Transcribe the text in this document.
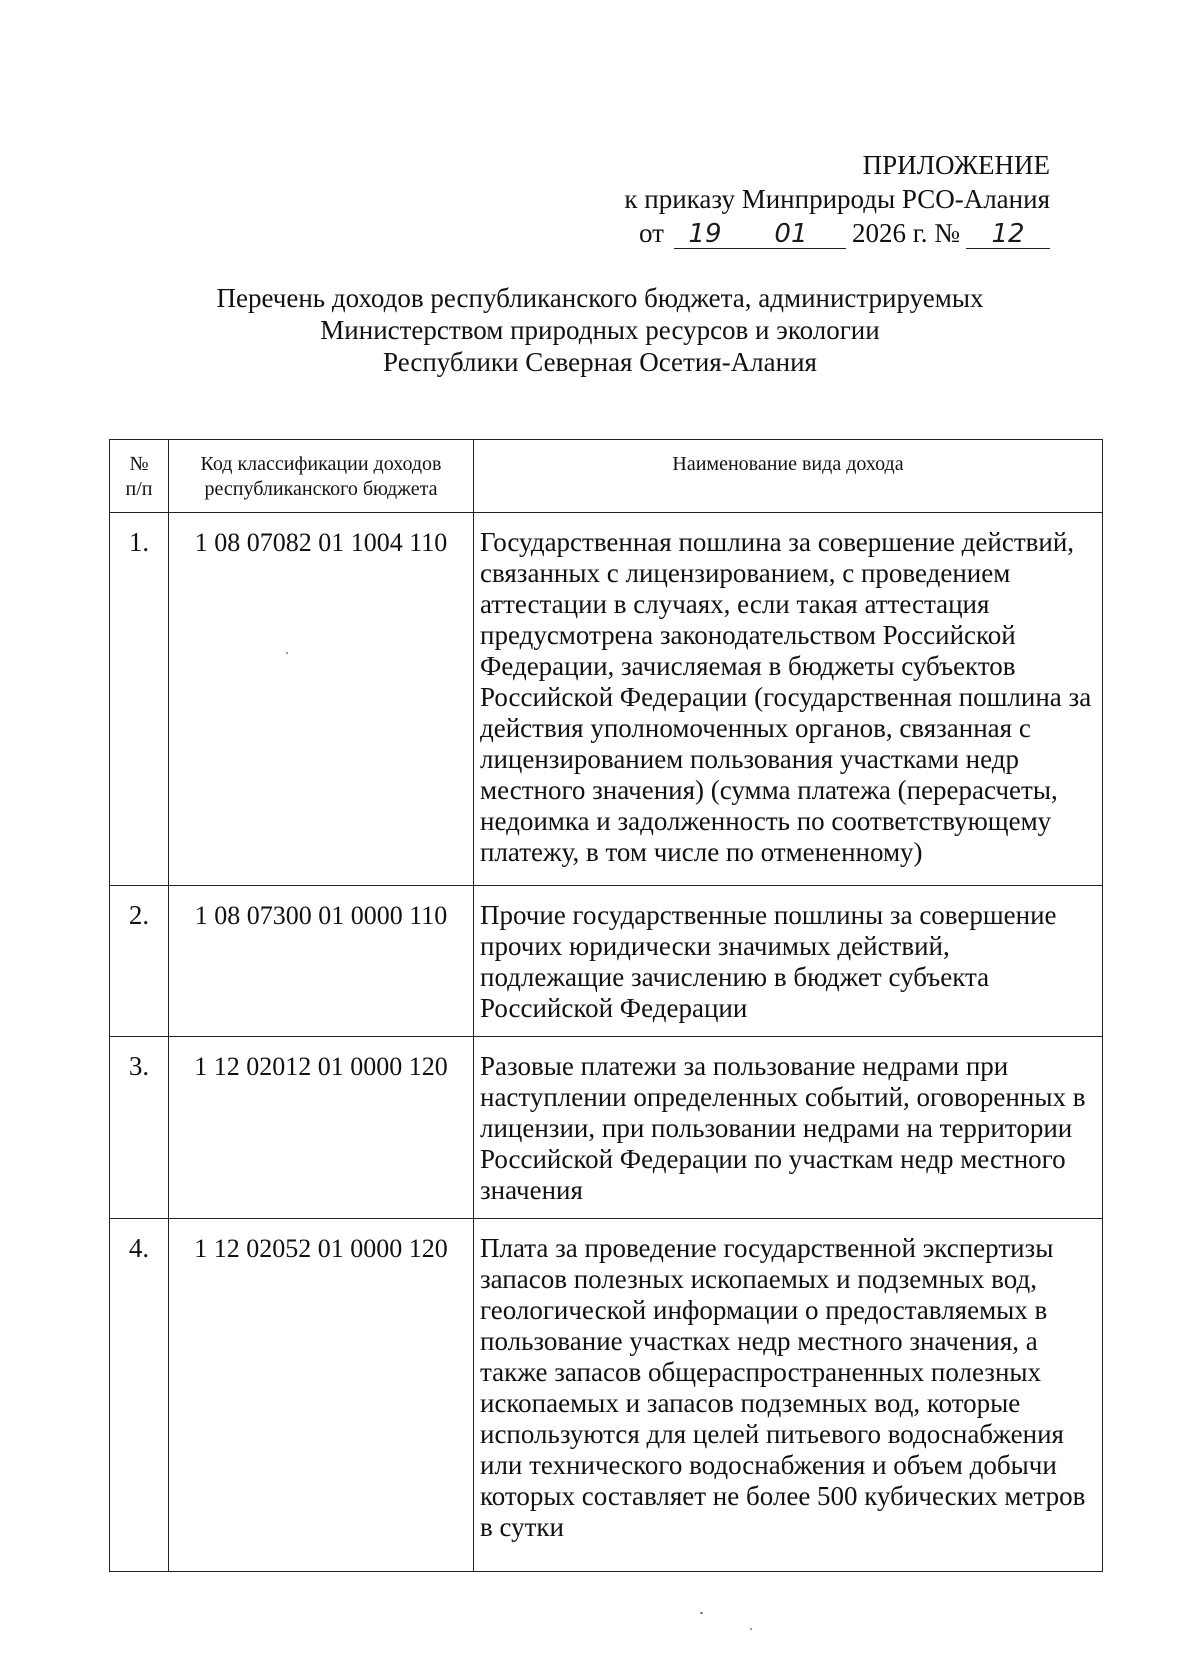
ПРИЛОЖЕНИЕ
к приказу Минприроды РСО-Алания
от 19	01	2026 г. №	12
Перечень доходов республиканского бюджета, администрируемых
Министерством природных ресурсов и экологии
Республики Северная Осетия-Алания
№
п/п	Код классификации доходов республиканского бюджета	Наименование вида дохода
1.	1 08 07082 01 1004 110	Государственная пошлина за совершение действий, связанных с лицензированием, с проведением аттестации в случаях, если такая аттестация предусмотрена законодательством Российской Федерации, зачисляемая в бюджеты субъектов Российской Федерации (государственная пошлина за действия уполномоченных органов, связанная с лицензированием пользования участками недр местного значения) (сумма платежа (перерасчеты, недоимка и задолженность по соответствующему платежу, в том числе по отмененному)
2.	1 08 07300 01 0000 110	Прочие государственные пошлины за совершение прочих юридически значимых действий, подлежащие зачислению в бюджет субъекта Российской Федерации
3.	1 12 02012 01 0000 120	Разовые платежи за пользование недрами при наступлении определенных событий, оговоренных в лицензии, при пользовании недрами на территории Российской Федерации по участкам недр местного значения
4.	1 12 02052 01 0000 120	Плата за проведение государственной экспертизы запасов полезных ископаемых и подземных вод, геологической информации о предоставляемых в пользование участках недр местного значения, а также запасов общераспространенных полезных ископаемых и запасов подземных вод, которые используются для целей питьевого водоснабжения или технического водоснабжения и объем добычи которых составляет не более 500 кубических метров в сутки
